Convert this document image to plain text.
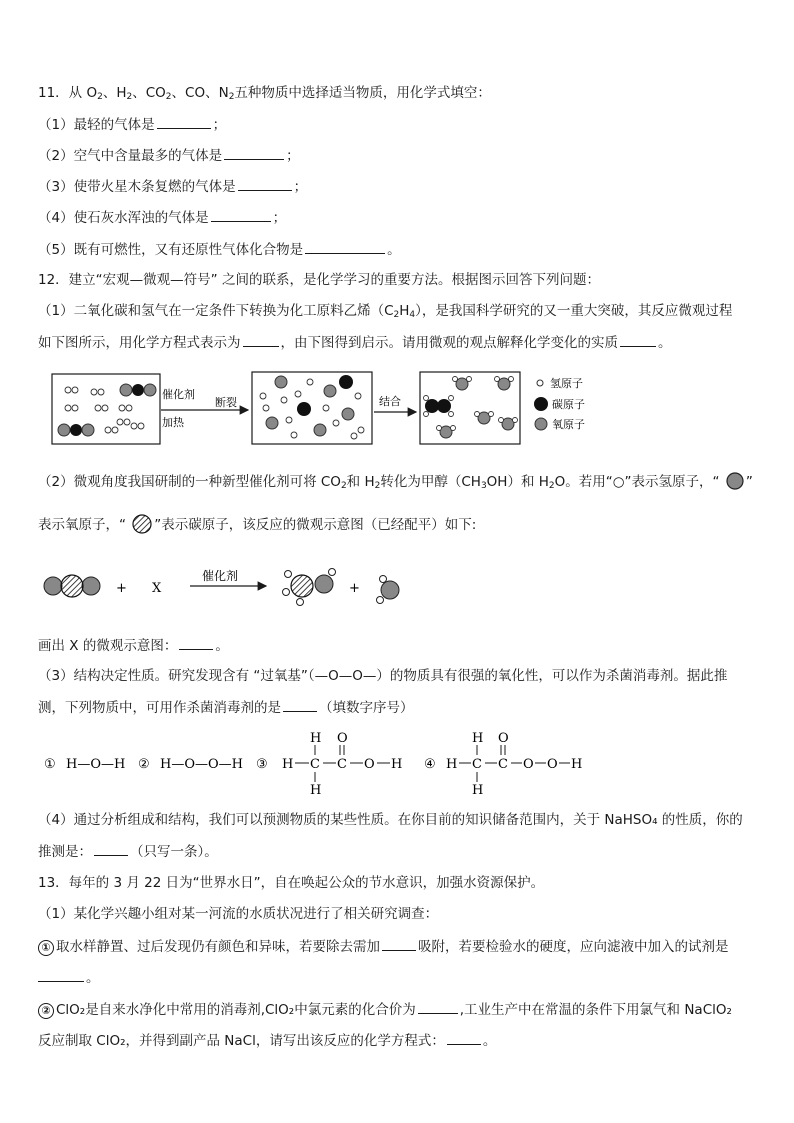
11．从 $O_2$、$H_2$、$CO_2$、CO、$N_2$五种物质中选择适当物质，用化学式填空：
（1）最轻的气体是	；
（2）空气中含量最多的气体是	；
（3）使带火星木条复燃的气体是	；
（4）使石灰水浑浊的气体是	；
（5）既有可燃性，又有还原性气体化合物是	。
12．建立“宏观—微观—符号” 之间的联系，是化学学习的重要方法。根据图示回答下列问题：
（1）二氧化碳和氢气在一定条件下转换为化工原料乙烯$(C_2H_4)$，是我国科学研究的又一重大突破，其反应微观过程
如下图所示，用化学方程式表示为	，由下图得到启示。请用微观的观点解释化学变化的实质	。
催化剂
加热
断裂	结合
氢原子
碳原子
氧原子
（2）微观角度我国研制的一种新型催化剂可将 $CO_2$和 $H_2$转化为甲醇$(CH_3OH)$和 $H_2O$。若用“○”表示氢原子，“ ”
表示氧原子，“ ”表示碳原子，该反应的微观示意图（已经配平）如下:
+ X
催化剂
+
画出 X 的微观示意图：	。
（3）结构决定性质。研究发现含有 “过氧基”（—O—O—）的物质具有很强的氧化性，可以作为杀菌消毒剂。据此推
测，下列物质中，可用作杀菌消毒剂的是	（填数字序号）
① H—O—H ② H—O—O—H ③ H C
H
H
C
O
O H ④ H C
H
H
C
O
O O H
（4）通过分析组成和结构，我们可以预测物质的某些性质。在你目前的知识储备范围内，关于 NaHSO₄ 的性质，你的
推测是：	（只写一条）。
13．每年的 3 月 22 日为“世界水日”，自在唤起公众的节水意识，加强水资源保护。
（1）某化学兴趣小组对某一河流的水质状况进行了相关研究调查：
① 取水样静置、过后发现仍有颜色和异味，若要除去需加	吸附，若要检验水的硬度，应向滤液中加入的试剂是
。
② ClO₂是自来水净化中常用的消毒剂,ClO₂中氯元素的化合价为	,工业生产中在常温的条件下用氯气和 NaClO₂
反应制取 ClO₂，并得到副产品 NaCl，请写出该反应的化学方程式：	。
